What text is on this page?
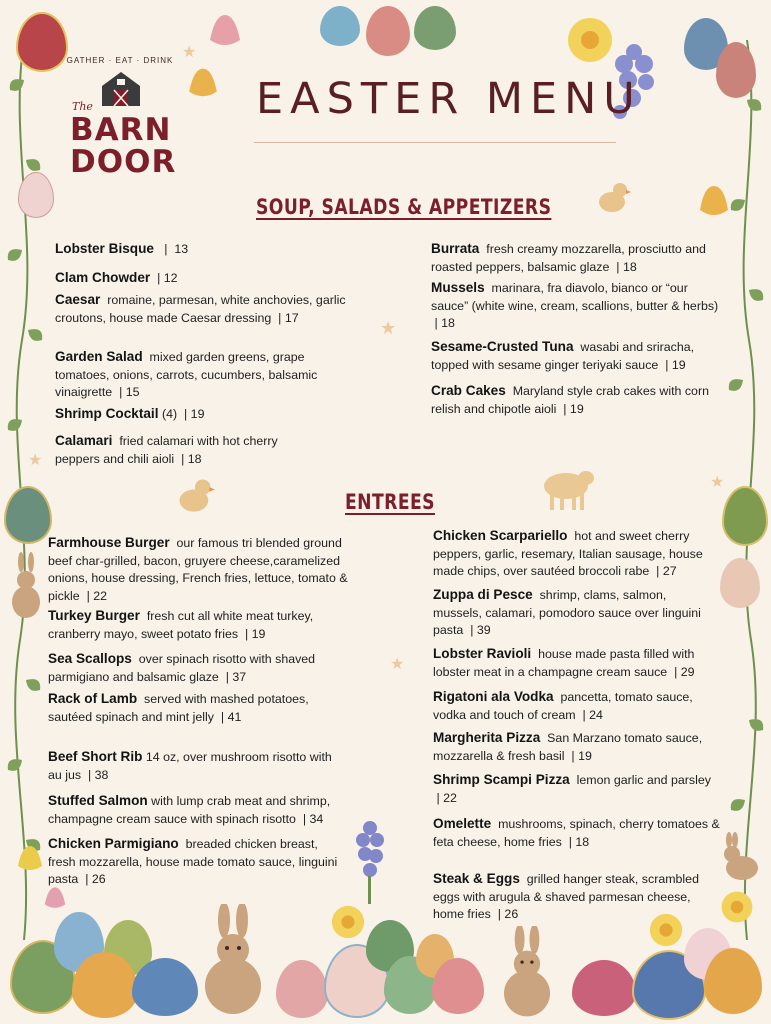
★
★
★
★
★
GATHER · EAT · DRINK
The
BARN
DOOR
EASTER MENU
SOUP, SALADS & APPETIZERS
Lobster Bisque   |  13
Clam Chowder  | 12
Caesar romaine, parmesan, white anchovies, garlic croutons, house made Caesar dressing  | 17
Garden Salad mixed garden greens, grape tomatoes, onions, carrots, cucumbers, balsamic vinaigrette  | 15
Shrimp Cocktail (4)  | 19
Calamari fried calamari with hot cherry peppers and chili aioli  | 18
Burrata fresh creamy mozzarella, prosciutto and roasted peppers, balsamic glaze  | 18
Mussels marinara, fra diavolo, bianco or “our sauce” (white wine, cream, scallions, butter & herbs)  | 18
Sesame-Crusted Tuna wasabi and sriracha, topped with sesame ginger teriyaki sauce  | 19
Crab Cakes Maryland style crab cakes with corn relish and chipotle aioli  | 19
ENTREES
Farmhouse Burger our famous tri blended ground beef char-grilled, bacon, gruyere cheese,caramelized onions, house dressing, French fries, lettuce, tomato & pickle  | 22
Turkey Burger fresh cut all white meat turkey, cranberry mayo, sweet potato fries  | 19
Sea Scallops over spinach risotto with shaved parmigiano and balsamic glaze  | 37
Rack of Lamb served with mashed potatoes, sautéed spinach and mint jelly  | 41
Beef Short Rib 14 oz, over mushroom risotto with au jus  | 38
Stuffed Salmon with lump crab meat and shrimp, champagne cream sauce with spinach risotto  | 34
Chicken Parmigiano breaded chicken breast, fresh mozzarella, house made tomato sauce, linguini pasta  | 26
Chicken Scarpariello hot and sweet cherry peppers, garlic, resemary, Italian sausage, house made chips, over sautéed broccoli rabe  | 27
Zuppa di Pesce shrimp, clams, salmon, mussels, calamari, pomodoro sauce over linguini pasta  | 39
Lobster Ravioli house made pasta filled with lobster meat in a champagne cream sauce  | 29
Rigatoni ala Vodka pancetta, tomato sauce, vodka and touch of cream  | 24
Margherita Pizza San Marzano tomato sauce, mozzarella & fresh basil  | 19
Shrimp Scampi Pizza lemon garlic and parsley  | 22
Omelette mushrooms, spinach, cherry tomatoes & feta cheese, home fries  | 18
Steak & Eggs grilled hanger steak, scrambled eggs with arugula & shaved parmesan cheese, home fries  | 26
